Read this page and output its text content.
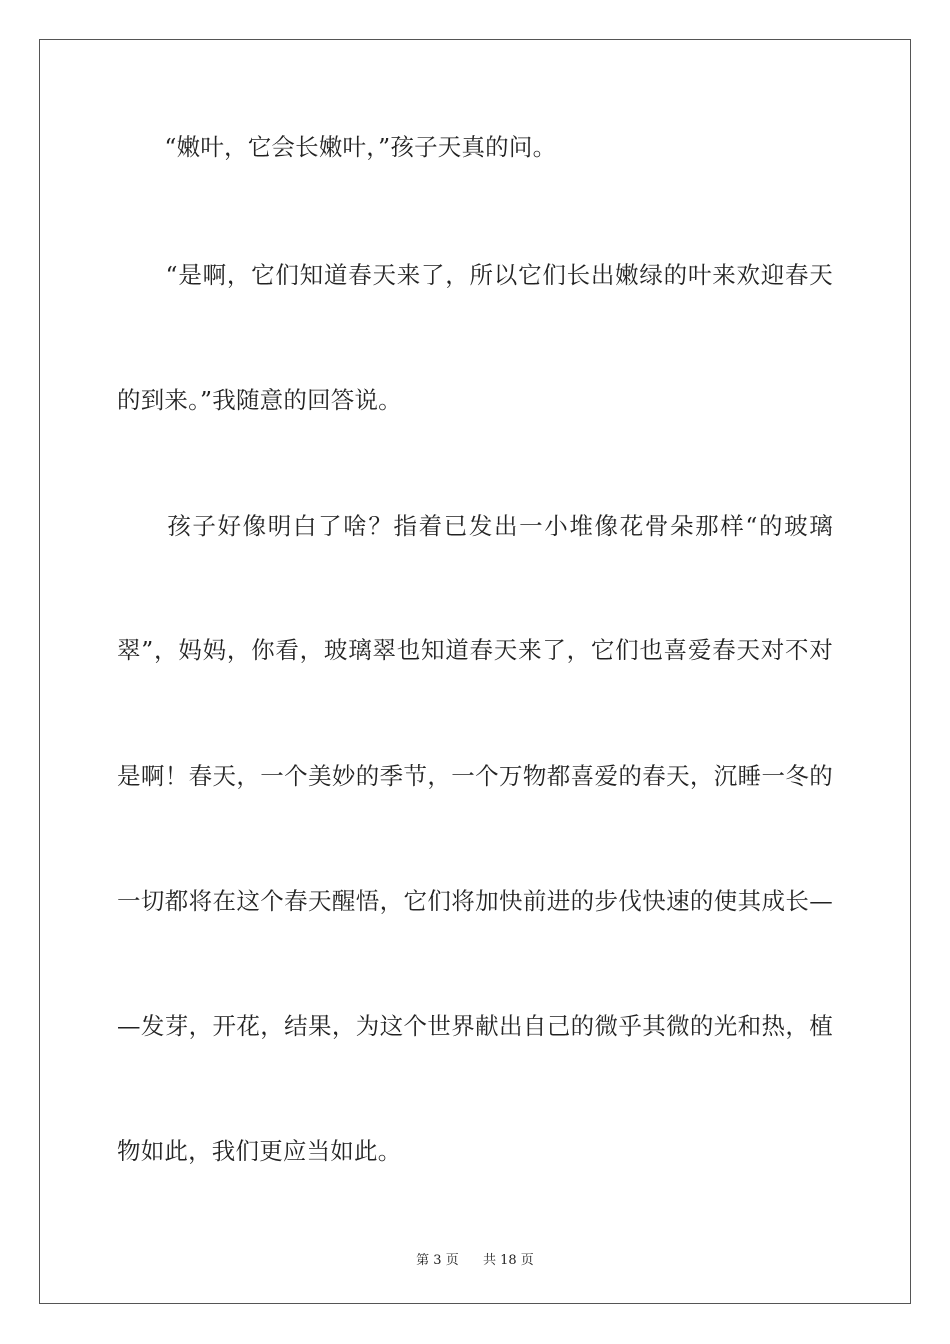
　　“嫩叶，它会长嫩叶，”孩子天真的问。
　　“是啊，它们知道春天来了，所以它们长出嫩绿的叶来欢迎春天
的到来。”我随意的回答说。
　　孩子好像明白了啥？指着已发出一小堆像花骨朵那样“的玻璃
翠”，妈妈，你看，玻璃翠也知道春天来了，它们也喜爱春天对不对
是啊！春天，一个美妙的季节，一个万物都喜爱的春天，沉睡一冬的
一切都将在这个春天醒悟，它们将加快前进的步伐快速的使其成长—
—发芽，开花，结果，为这个世界献出自己的微乎其微的光和热，植
物如此，我们更应当如此。
第 3 页 共 18 页
